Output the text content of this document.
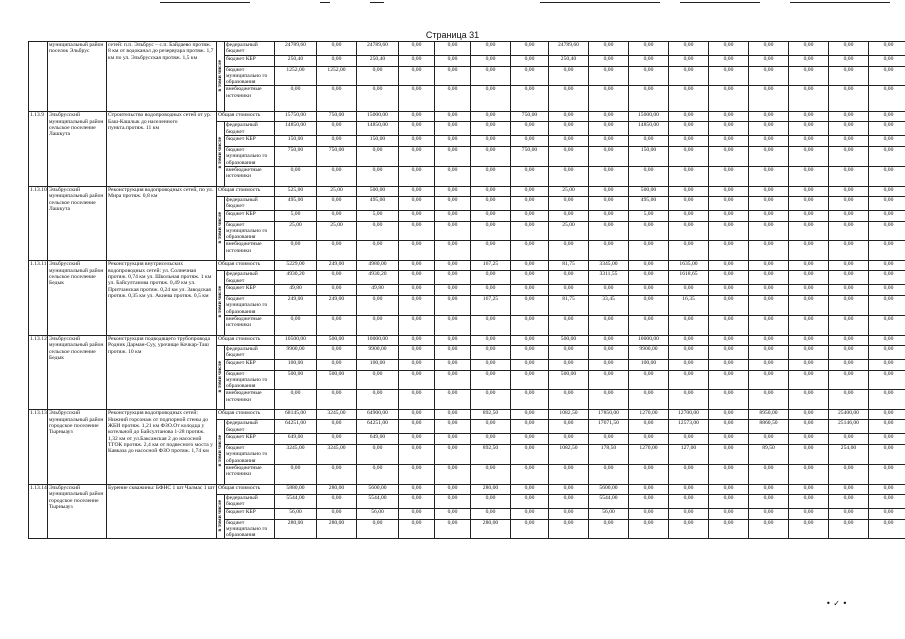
Страница 31
	муниципальный район поселок Эльбрус	сетей: п.п. Эльбрус – с.п. Байдаево протяж. 8 км от водоканал до резервуара протяж. 1,7 км по ул. Эльбрусская протяж. 1,5 км	в томи числе	федеральный бюджет	24789,60	0,00	24789,60	0,00	0,00	0,00	0,00	24789,60	0,00	0,00	0,00	0,00	0,00	0,00	0,00	0,00
				бюджет КБР	250,40	0,00	250,40	0,00	0,00	0,00	0,00	250,40	0,00	0,00	0,00	0,00	0,00	0,00	0,00	0,00
				бюджет муниципально го образования	1252,00	1252,00	0,00	0,00	0,00	0,00	0,00	0,00	0,00	0,00	0,00	0,00	0,00	0,00	0,00	0,00
				внебюджетные источники	0,00	0,00	0,00	0,00	0,00	0,00	0,00	0,00	0,00	0,00	0,00	0,00	0,00	0,00	0,00	0,00
1.13.9	Эльбрусский муниципальный район сельское поселение Лашкута	Строительство водопроводных сетей от ур. Баш-Кашлык до населенного пункта.протяж. 11 км	Общая стоимость		15750,00	750,00	15000,00	0,00	0,00	0,00	750,00	0,00	0,00	15000,00	0,00	0,00	0,00	0,00	0,00	0,00
			в томи числе	федеральный бюджет	14850,00	0,00	14850,00	0,00	0,00	0,00	0,00	0,00	0,00	14850,00	0,00	0,00	0,00	0,00	0,00	0,00
				бюджет КБР	150,00	0,00	150,00	0,00	0,00	0,00	0,00	0,00	0,00	0,00	0,00	0,00	0,00	0,00	0,00	0,00
				бюджет муниципально го образования	750,00	750,00	0,00	0,00	0,00	0,00	750,00	0,00	0,00	150,00	0,00	0,00	0,00	0,00	0,00	0,00
				внебюджетные источники	0,00	0,00	0,00	0,00	0,00	0,00	0,00	0,00	0,00	0,00	0,00	0,00	0,00	0,00	0,00	0,00
1.13.10	Эльбрусский муниципальный район сельское поселение Лашкута	Реконструкция водопроводных сетей, по ул. Мира протяж. 0,8 км	Общая стоимость		525,00	25,00	500,00	0,00	0,00	0,00	0,00	25,00	0,00	500,00	0,00	0,00	0,00	0,00	0,00	0,00
			в томи числе	федеральный бюджет	495,00	0,00	495,00	0,00	0,00	0,00	0,00	0,00	0,00	495,00	0,00	0,00	0,00	0,00	0,00	0,00
				бюджет КБР	5,00	0,00	5,00	0,00	0,00	0,00	0,00	0,00	0,00	5,00	0,00	0,00	0,00	0,00	0,00	0,00
				бюджет муниципально го образования	25,00	25,00	0,00	0,00	0,00	0,00	0,00	25,00	0,00	0,00	0,00	0,00	0,00	0,00	0,00	0,00
				внебюджетные источники	0,00	0,00	0,00	0,00	0,00	0,00	0,00	0,00	0,00	0,00	0,00	0,00	0,00	0,00	0,00	0,00
1.13.11	Эльбрусский муниципальный район сельское поселение Бедык	Реконструкция внутрисельских водопроводных сетей: ул. Солнечная протяж. 0,74 км ул. Школьная протяж. 1 км ул. Байсултанова протяж. 0,49 км ул. Притчанская протяж. 0,24 км ул. Заводская протяж. 0,35 км ул. Акиева протяж. 0,5 км	Общая стоимость		5229,00	249,00	4980,00	0,00	0,00	167,25	0,00	81,75	3345,00	0,00	1635,00	0,00	0,00	0,00	0,00	0,00
			в томи числе	федеральный бюджет	4930,20	0,00	4930,20	0,00	0,00	0,00	0,00	0,00	3311,55	0,00	1618,65	0,00	0,00	0,00	0,00	0,00
				бюджет КБР	49,80	0,00	49,80	0,00	0,00	0,00	0,00	0,00	0,00	0,00	0,00	0,00	0,00	0,00	0,00	0,00
				бюджет муниципально го образования	249,00	249,00	0,00	0,00	0,00	167,25	0,00	81,75	33,45	0,00	16,35	0,00	0,00	0,00	0,00	0,00
				внебюджетные источники	0,00	0,00	0,00	0,00	0,00	0,00	0,00	0,00	0,00	0,00	0,00	0,00	0,00	0,00	0,00	0,00
1.13.12	Эльбрусский муниципальный район сельское поселение Бедык	Реконструкция подводящего трубопровода Родник Дарман-Суу, урочище Кочкар-Таш протяж. 10 км	Общая стоимость		10500,00	500,00	10000,00	0,00	0,00	0,00	0,00	500,00	0,00	10000,00	0,00	0,00	0,00	0,00	0,00	0,00
			в томи числе	федеральный бюджет	9900,00	0,00	9900,00	0,00	0,00	0,00	0,00	0,00	0,00	9900,00	0,00	0,00	0,00	0,00	0,00	0,00
				бюджет КБР	100,00	0,00	100,00	0,00	0,00	0,00	0,00	0,00	0,00	100,00	0,00	0,00	0,00	0,00	0,00	0,00
				бюджет муниципально го образования	500,00	500,00	0,00	0,00	0,00	0,00	0,00	500,00	0,00	0,00	0,00	0,00	0,00	0,00	0,00	0,00
				внебюджетные источники	0,00	0,00	0,00	0,00	0,00	0,00	0,00	0,00	0,00	0,00	0,00	0,00	0,00	0,00	0,00	0,00
1.13.13	Эльбрусский муниципальный район городское поселение Тырныауз	Реконструкция водопроводных сетей: Нижний горсонаж от подпорной стены до ЖБИ протяж. 1,21 км ФЗО.От колодца у котельной до Байсултанова 1-28 протяж. 1,32 км от ул.Баксанская 2 до насосной ТГОК протяж. 2,4 км от подвесного моста у Кавказа до насосной ФЗО протяж. 1,74 км	Общая стоимость		68145,00	3245,00	64900,00	0,00	0,00	892,50	0,00	1082,50	17850,00	1270,00	12700,00	0,00	8950,00	0,00	25400,00	0,00
			в томи числе	федеральный бюджет	64251,00	0,00	64251,00	0,00	0,00	0,00	0,00	0,00	17671,50	0,00	12573,00	0,00	8860,50	0,00	25146,00	0,00
				бюджет КБР	649,00	0,00	649,00	0,00	0,00	0,00	0,00	0,00	0,00	0,00	0,00	0,00	0,00	0,00	0,00	0,00
				бюджет муниципально го образования	3245,00	3245,00	0,00	0,00	0,00	892,50	0,00	1082,50	178,50	1270,00	127,00	0,00	89,50	0,00	254,00	0,00
				внебюджетные источники	0,00	0,00	0,00	0,00	0,00	0,00	0,00	0,00	0,00	0,00	0,00	0,00	0,00	0,00	0,00	0,00
1.13.14	Эльбрусский муниципальный район городское поселение Тырныауз	Бурение скважины: БФНС 1 шт Чалмас 1 шт	Общая стоимость		5880,00	280,00	5600,00	0,00	0,00	280,00	0,00	0,00	5600,00	0,00	0,00	0,00	0,00	0,00	0,00	0,00
			в томи числе	федеральный бюджет	5544,00	0,00	5544,00	0,00	0,00	0,00	0,00	0,00	5544,00	0,00	0,00	0,00	0,00	0,00	0,00	0,00
				бюджет КБР	56,00	0,00	56,00	0,00	0,00	0,00	0,00	0,00	56,00	0,00	0,00	0,00	0,00	0,00	0,00	0,00
				бюджет муниципально го образования	280,00	280,00	0,00	0,00	0,00	280,00	0,00	0,00	0,00	0,00	0,00	0,00	0,00	0,00	0,00	0,00
• ✓ •
